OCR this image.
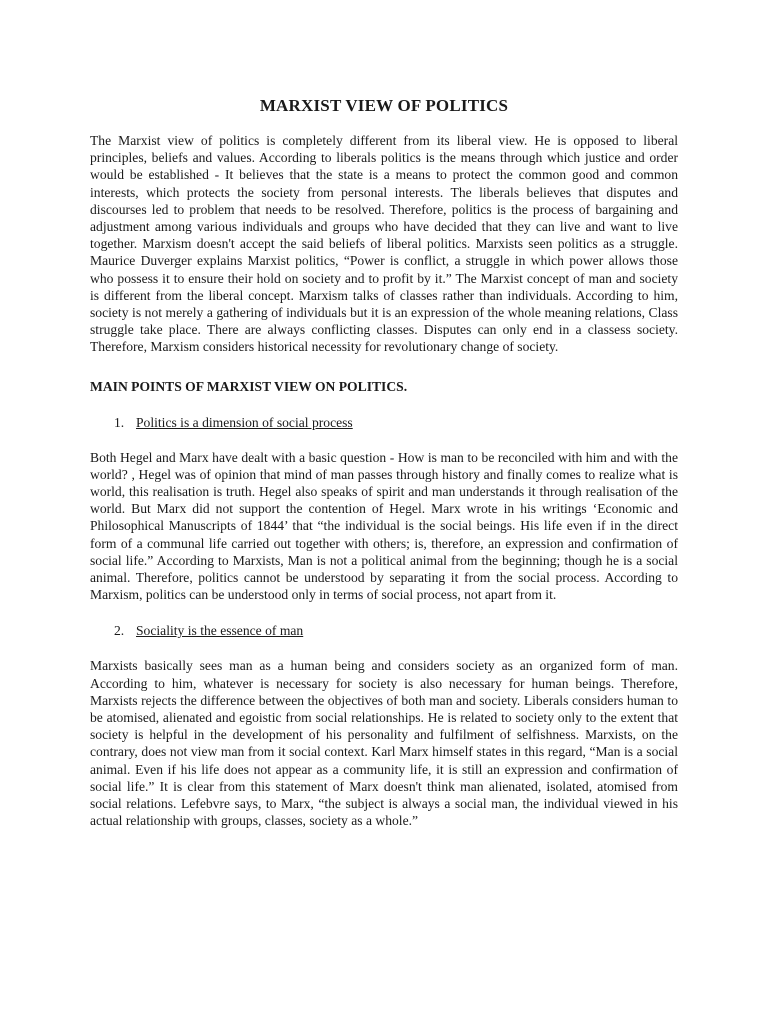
MARXIST VIEW OF POLITICS

The Marxist view of politics is completely different from its liberal view. He is opposed to liberal principles, beliefs and values. According to liberals politics is the means through which justice and order would be established - It believes that the state is a means to protect the common good and common interests, which protects the society from personal interests. The liberals believes that disputes and discourses led to problem that needs to be resolved. Therefore, politics is the process of bargaining and adjustment among various individuals and groups who have decided that they can live and want to live together. Marxism doesn't accept the said beliefs of liberal politics. Marxists seen politics as a struggle. Maurice Duverger explains Marxist politics, “Power is conflict, a struggle in which power allows those who possess it to ensure their hold on society and to profit by it.” The Marxist concept of man and society is different from the liberal concept. Marxism talks of classes rather than individuals. According to him, society is not merely a gathering of individuals but it is an expression of the whole meaning relations, Class struggle take place. There are always conflicting classes. Disputes can only end in a classess society. Therefore, Marxism considers historical necessity for revolutionary change of society.

MAIN POINTS OF MARXIST VIEW ON POLITICS.
1. Politics is a dimension of social process

Both Hegel and Marx have dealt with a basic question - How is man to be reconciled with him and with the world? , Hegel was of opinion that mind of man passes through history and finally comes to realize what is world, this realisation is truth. Hegel also speaks of spirit and man understands it through realisation of the world. But Marx did not support the contention of Hegel. Marx wrote in his writings ‘Economic and Philosophical Manuscripts of 1844’ that “the individual is the social beings. His life even if in the direct form of a communal life carried out together with others; is, therefore, an expression and confirmation of social life.” According to Marxists, Man is not a political animal from the beginning; though he is a social animal. Therefore, politics cannot be understood by separating it from the social process. According to Marxism, politics can be understood only in terms of social process, not apart from it.

2. Sociality is the essence of man

Marxists basically sees man as a human being and considers society as an organized form of man. According to him, whatever is necessary for society is also necessary for human beings. Therefore, Marxists rejects the difference between the objectives of both man and society. Liberals considers human to be atomised, alienated and egoistic from social relationships. He is related to society only to the extent that society is helpful in the development of his personality and fulfilment of selfishness. Marxists, on the contrary, does not view man from it social context. Karl Marx himself states in this regard, “Man is a social animal. Even if his life does not appear as a community life, it is still an expression and confirmation of social life.” It is clear from this statement of Marx doesn't think man alienated, isolated, atomised from social relations. Lefebvre says, to Marx, “the subject is always a social man, the individual viewed in his actual relationship with groups, classes, society as a whole.”
